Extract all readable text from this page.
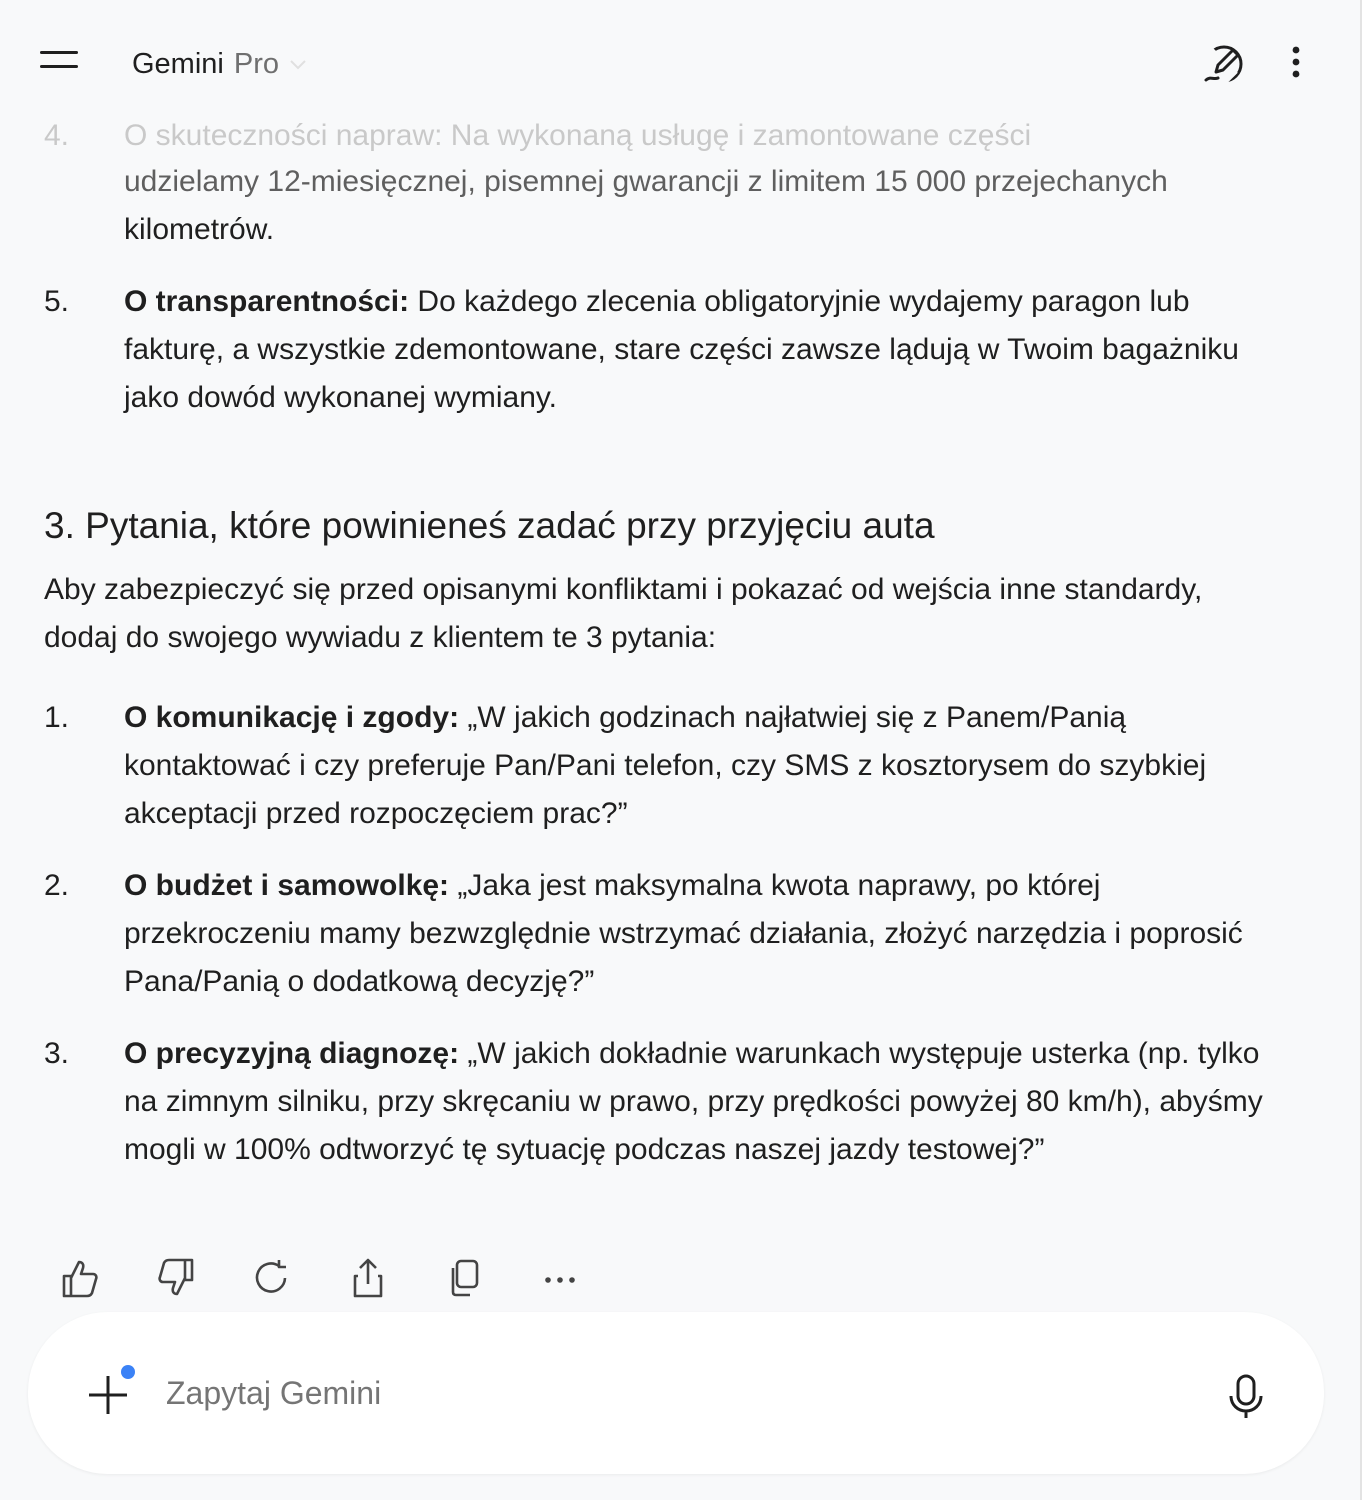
4. O skuteczności napraw: Na wykonaną usługę i zamontowane części
udzielamy 12-miesięcznej, pisemnej gwarancji z limitem 15 000 przejechanych
kilometrów.
5. O transparentności: Do każdego zlecenia obligatoryjnie wydajemy paragon lub fakturę, a wszystkie zdemontowane, stare części zawsze lądują w Twoim bagażniku jako dowód wykonanej wymiany.
3. Pytania, które powinieneś zadać przy przyjęciu auta

Aby zabezpieczyć się przed opisanymi konfliktami i pokazać od wejścia inne standardy, dodaj do swojego wywiadu z klientem te 3 pytania:

1. O komunikację i zgody: „W jakich godzinach najłatwiej się z Panem/Panią kontaktować i czy preferuje Pan/Pani telefon, czy SMS z kosztorysem do szybkiej akceptacji przed rozpoczęciem prac?”
2. O budżet i samowolkę: „Jaka jest maksymalna kwota naprawy, po której przekroczeniu mamy bezwzględnie wstrzymać działania, złożyć narzędzia i poprosić Pana/Panią o dodatkową decyzję?”
3. O precyzyjną diagnozę: „W jakich dokładnie warunkach występuje usterka (np. tylko na zimnym silniku, przy skręcaniu w prawo, przy prędkości powyżej 80 km/h), abyśmy mogli w 100% odtworzyć tę sytuację podczas naszej jazdy testowej?”
Gemini Pro
Zapytaj Gemini
